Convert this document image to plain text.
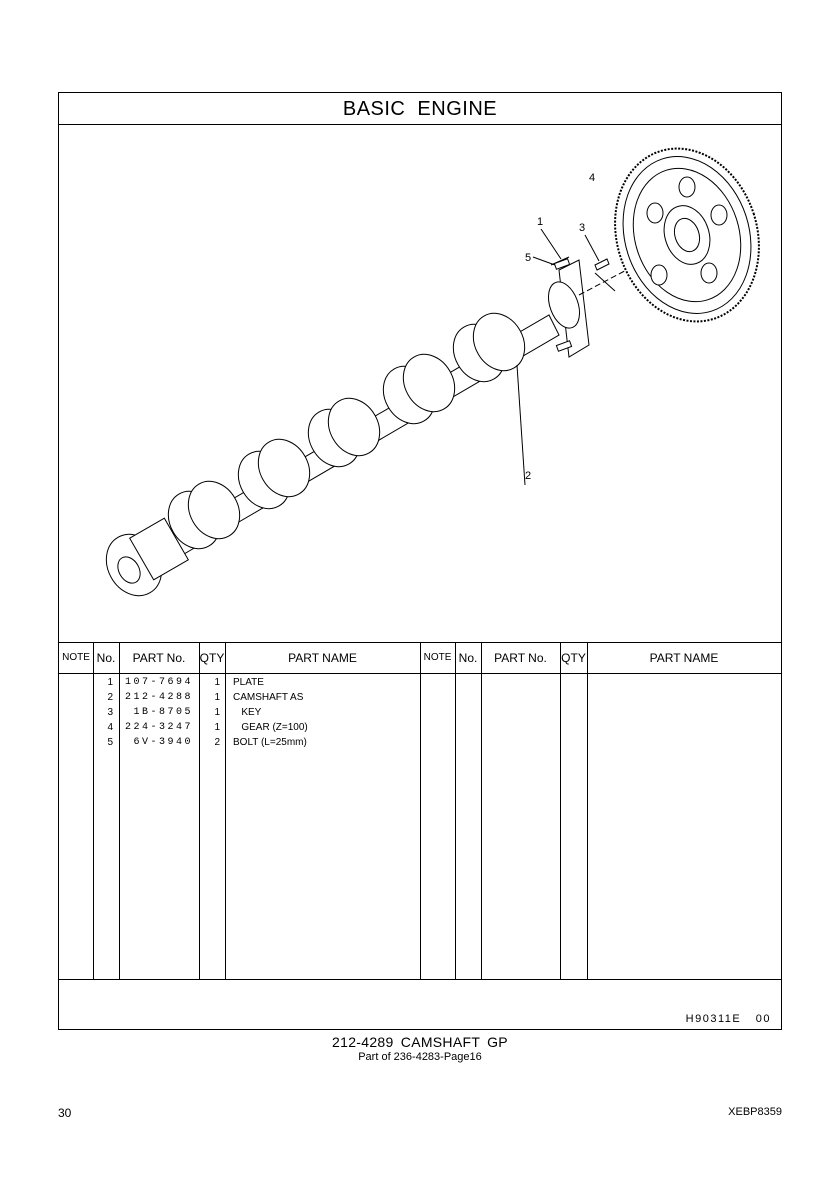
BASIC ENGINE
1
2
3
4
5
NOTE No.	PART No.	QTY	PART NAME	NOTE No.	PART No.	QTY	PART NAME
1	107-7694	1 PLATE
2	212-4288	1 CAMSHAFT AS
3	1B-8705	1 KEY
4	224-3247	1 GEAR (Z=100)
5	6V-3940	2 BOLT (L=25mm)
H90311E 00
212-4289 CAMSHAFT GP
Part of 236-4283-Page16
30	XEBP8359
